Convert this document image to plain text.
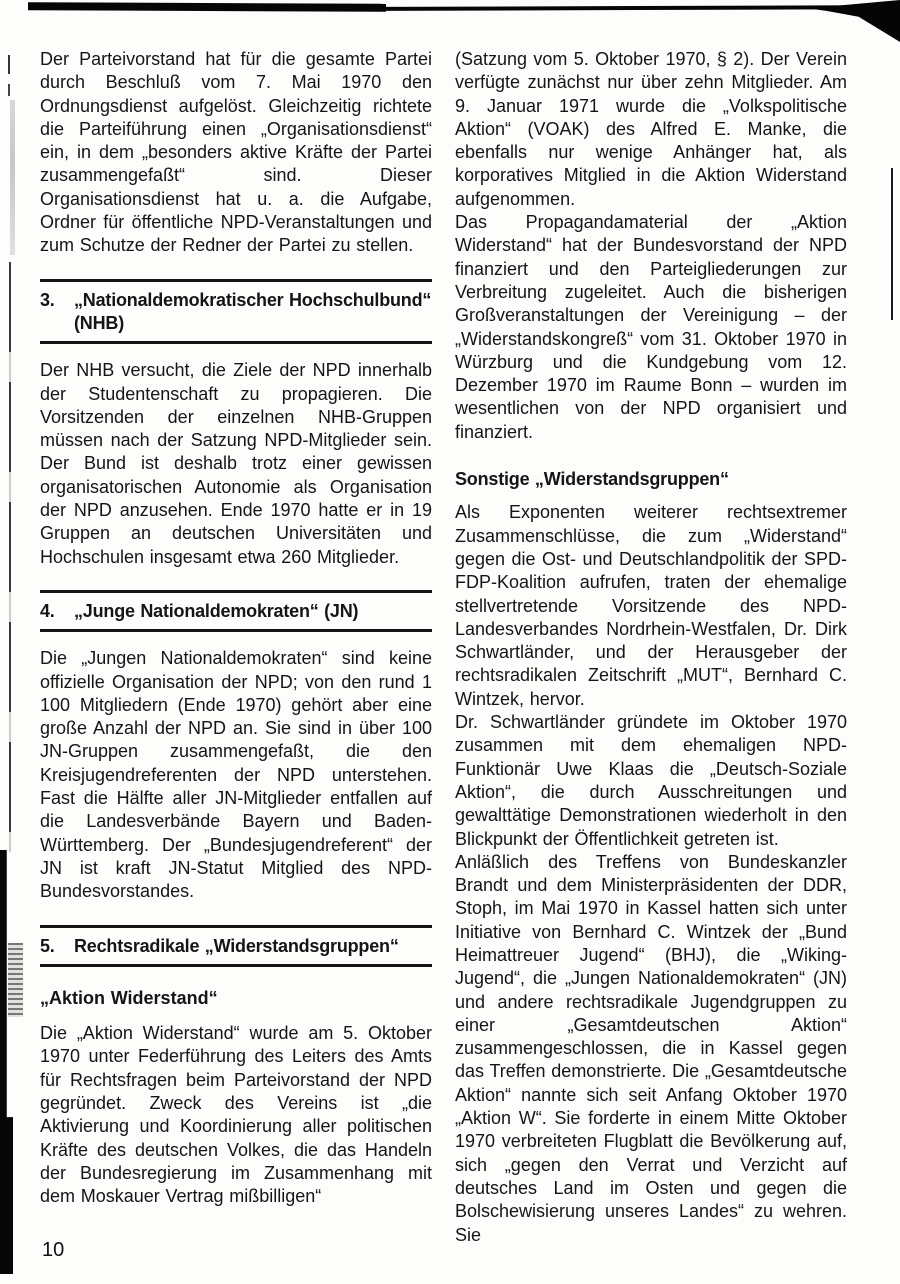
Der Parteivorstand hat für die gesamte Partei durch Beschluß vom 7. Mai 1970 den Ordnungsdienst aufgelöst. Gleichzeitig richtete die Parteiführung einen „Organisationsdienst“ ein, in dem „besonders aktive Kräfte der Partei zusammengefaßt“ sind. Dieser Organisationsdienst hat u. a. die Aufgabe, Ordner für öffentliche NPD-Veranstaltungen und zum Schutze der Redner der Partei zu stellen.

3.	„Nationaldemokratischer Hochschulbund“ (NHB)

Der NHB versucht, die Ziele der NPD innerhalb der Studentenschaft zu propagieren. Die Vorsitzenden der einzelnen NHB-Gruppen müssen nach der Satzung NPD-Mitglieder sein. Der Bund ist deshalb trotz einer gewissen organisatorischen Autonomie als Organisation der NPD anzusehen. Ende 1970 hatte er in 19 Gruppen an deutschen Universitäten und Hochschulen insgesamt etwa 260 Mitglieder.

4.	„Junge Nationaldemokraten“ (JN)

Die „Jungen Nationaldemokraten“ sind keine offizielle Organisation der NPD; von den rund 1 100 Mitgliedern (Ende 1970) gehört aber eine große Anzahl der NPD an. Sie sind in über 100 JN-Gruppen zusammengefaßt, die den Kreisjugendreferenten der NPD unterstehen. Fast die Hälfte aller JN-Mitglieder entfallen auf die Landesverbände Bayern und Baden-Württemberg. Der „Bundesjugendreferent“ der JN ist kraft JN-Statut Mitglied des NPD-Bundesvorstandes.

5.	Rechtsradikale „Widerstandsgruppen“
„Aktion Widerstand“

Die „Aktion Widerstand“ wurde am 5. Oktober 1970 unter Federführung des Leiters des Amts für Rechtsfragen beim Parteivorstand der NPD gegründet. Zweck des Vereins ist „die Aktivierung und Koordinierung aller politischen Kräfte des deutschen Volkes, die das Handeln der Bundesregierung im Zusammenhang mit dem Moskauer Vertrag mißbilligen“

(Satzung vom 5. Oktober 1970, § 2). Der Verein verfügte zunächst nur über zehn Mitglieder. Am 9. Januar 1971 wurde die „Volkspolitische Aktion“ (VOAK) des Alfred E. Manke, die ebenfalls nur wenige Anhänger hat, als korporatives Mitglied in die Aktion Widerstand aufgenommen.

Das Propagandamaterial der „Aktion Widerstand“ hat der Bundesvorstand der NPD finanziert und den Parteigliederungen zur Verbreitung zugeleitet. Auch die bisherigen Großveranstaltungen der Vereinigung – der „Widerstandskongreß“ vom 31. Oktober 1970 in Würzburg und die Kundgebung vom 12. Dezember 1970 im Raume Bonn – wurden im wesentlichen von der NPD organisiert und finanziert.

Sonstige „Widerstandsgruppen“

Als Exponenten weiterer rechtsextremer Zusammenschlüsse, die zum „Widerstand“ gegen die Ost- und Deutschlandpolitik der SPD-FDP-Koalition aufrufen, traten der ehemalige stellvertretende Vorsitzende des NPD-Landesverbandes Nordrhein-Westfalen, Dr. Dirk Schwartländer, und der Herausgeber der rechtsradikalen Zeitschrift „MUT“, Bernhard C. Wintzek, hervor.

Dr. Schwartländer gründete im Oktober 1970 zusammen mit dem ehemaligen NPD-Funktionär Uwe Klaas die „Deutsch-Soziale Aktion“, die durch Ausschreitungen und gewalttätige Demonstrationen wiederholt in den Blickpunkt der Öffentlichkeit getreten ist.

Anläßlich des Treffens von Bundeskanzler Brandt und dem Ministerpräsidenten der DDR, Stoph, im Mai 1970 in Kassel hatten sich unter Initiative von Bernhard C. Wintzek der „Bund Heimattreuer Jugend“ (BHJ), die „Wiking-Jugend“, die „Jungen Nationaldemokraten“ (JN) und andere rechtsradikale Jugendgruppen zu einer „Gesamtdeutschen Aktion“ zusammengeschlossen, die in Kassel gegen das Treffen demonstrierte. Die „Gesamtdeutsche Aktion“ nannte sich seit Anfang Oktober 1970 „Aktion W“. Sie forderte in einem Mitte Oktober 1970 verbreiteten Flugblatt die Bevölkerung auf, sich „gegen den Verrat und Verzicht auf deutsches Land im Osten und gegen die Bolschewisierung unseres Landes“ zu wehren. Sie

10
